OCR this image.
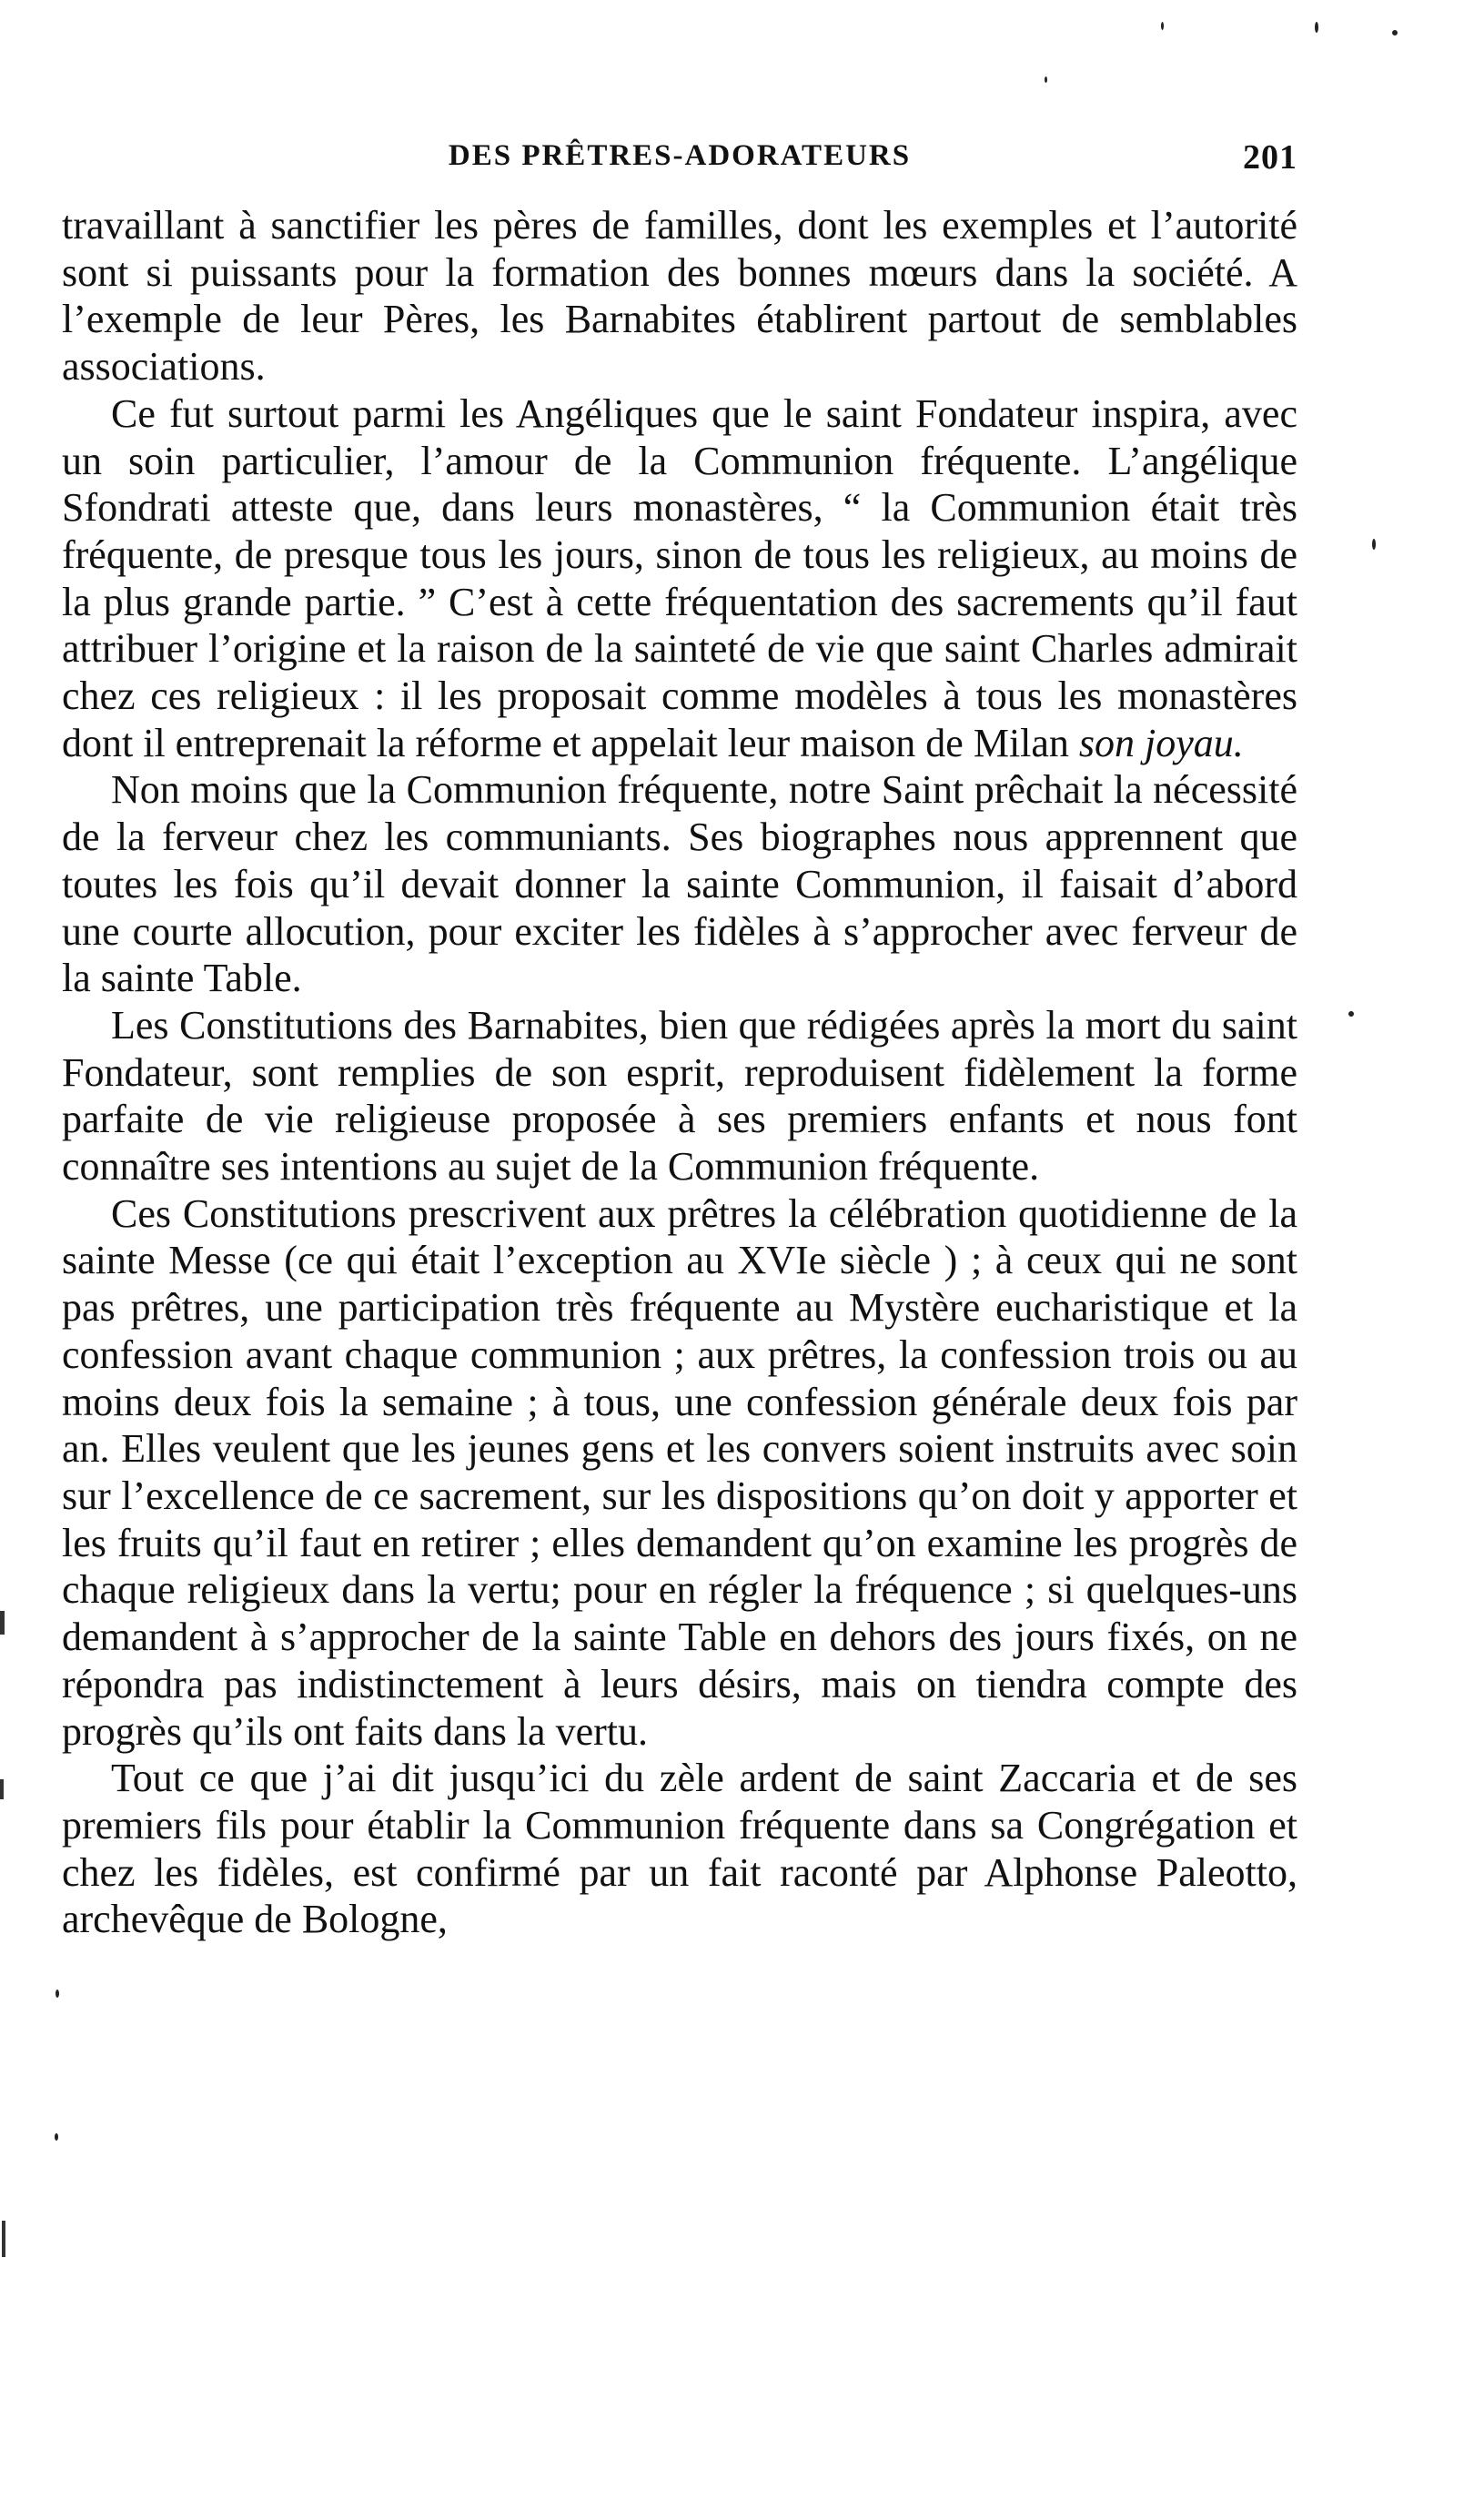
DES PRÊTRES-ADORATEURS	201

travaillant à sanctifier les pères de familles, dont les exemples et l’autorité sont si puissants pour la formation des bonnes mœurs dans la société. A l’exemple de leur Pères, les Barnabites établirent partout de semblables associations.

Ce fut surtout parmi les Angéliques que le saint Fondateur inspira, avec un soin particulier, l’amour de la Communion fréquente. L’angélique Sfondrati atteste que, dans leurs monastères, “ la Communion était très fréquente, de presque tous les jours, sinon de tous les religieux, au moins de la plus grande partie. ” C’est à cette fréquentation des sacrements qu’il faut attribuer l’origine et la raison de la sainteté de vie que saint Charles admirait chez ces religieux : il les proposait comme modèles à tous les monastères dont il entreprenait la réforme et appelait leur maison de Milan son joyau.

Non moins que la Communion fréquente, notre Saint prêchait la nécessité de la ferveur chez les communiants. Ses biographes nous apprennent que toutes les fois qu’il devait donner la sainte Communion, il faisait d’abord une courte allocution, pour exciter les fidèles à s’approcher avec ferveur de la sainte Table.

Les Constitutions des Barnabites, bien que rédigées après la mort du saint Fondateur, sont remplies de son esprit, reproduisent fidèlement la forme parfaite de vie religieuse proposée à ses premiers enfants et nous font connaître ses intentions au sujet de la Communion fréquente.

Ces Constitutions prescrivent aux prêtres la célébration quotidienne de la sainte Messe (ce qui était l’exception au XVIe siècle ) ; à ceux qui ne sont pas prêtres, une participation très fréquente au Mystère eucharistique et la confession avant chaque communion ; aux prêtres, la confession trois ou au moins deux fois la semaine ; à tous, une confession générale deux fois par an. Elles veulent que les jeunes gens et les convers soient instruits avec soin sur l’excellence de ce sacrement, sur les dispositions qu’on doit y apporter et les fruits qu’il faut en retirer ; elles demandent qu’on examine les progrès de chaque religieux dans la vertu; pour en régler la fréquence ; si quelques-uns demandent à s’approcher de la sainte Table en dehors des jours fixés, on ne répondra pas indistinctement à leurs désirs, mais on tiendra compte des progrès qu’ils ont faits dans la vertu.

Tout ce que j’ai dit jusqu’ici du zèle ardent de saint Zaccaria et de ses premiers fils pour établir la Communion fréquente dans sa Congrégation et chez les fidèles, est confirmé par un fait raconté par Alphonse Paleotto, archevêque de Bologne,
